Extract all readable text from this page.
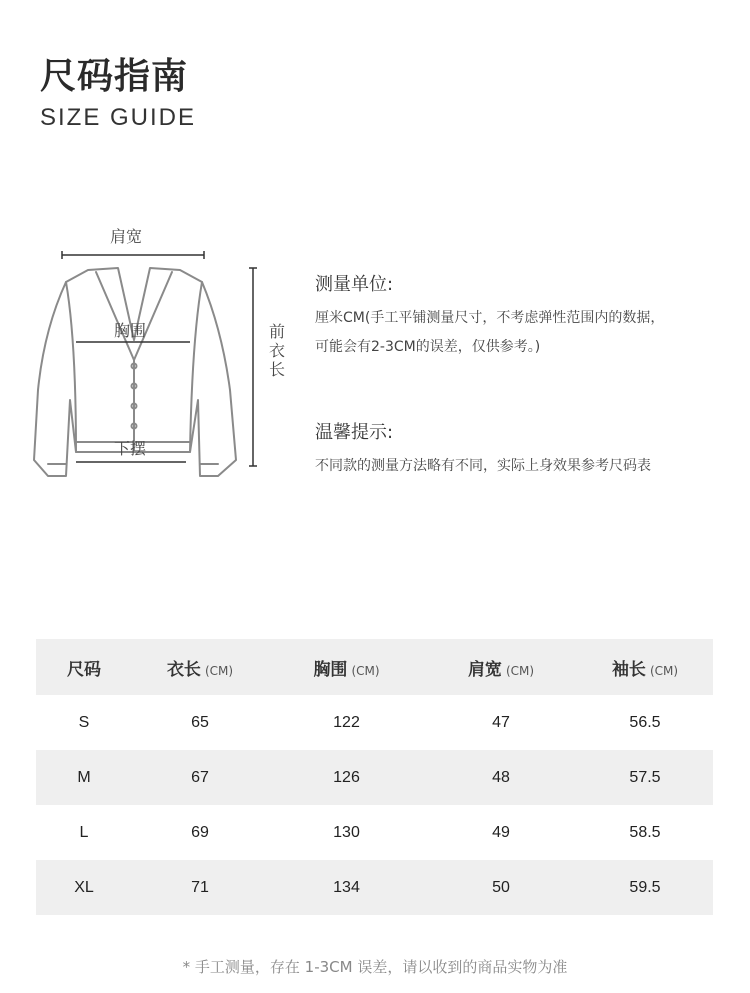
尺码指南
SIZE GUIDE
肩宽
胸围
下摆
前衣长
测量单位:

厘米CM(手工平铺测量尺寸，不考虑弹性范围内的数据，

可能会有2-3CM的误差，仅供参考。)

温馨提示:

不同款的测量方法略有不同，实际上身效果参考尺码表

尺码	衣长 (CM)	胸围 (CM)	肩宽 (CM)	袖长 (CM)
S	65	122	47	56.5
M	67	126	48	57.5
L	69	130	49	58.5
XL	71	134	50	59.5
* 手工测量，存在 1-3CM 误差，请以收到的商品实物为准
